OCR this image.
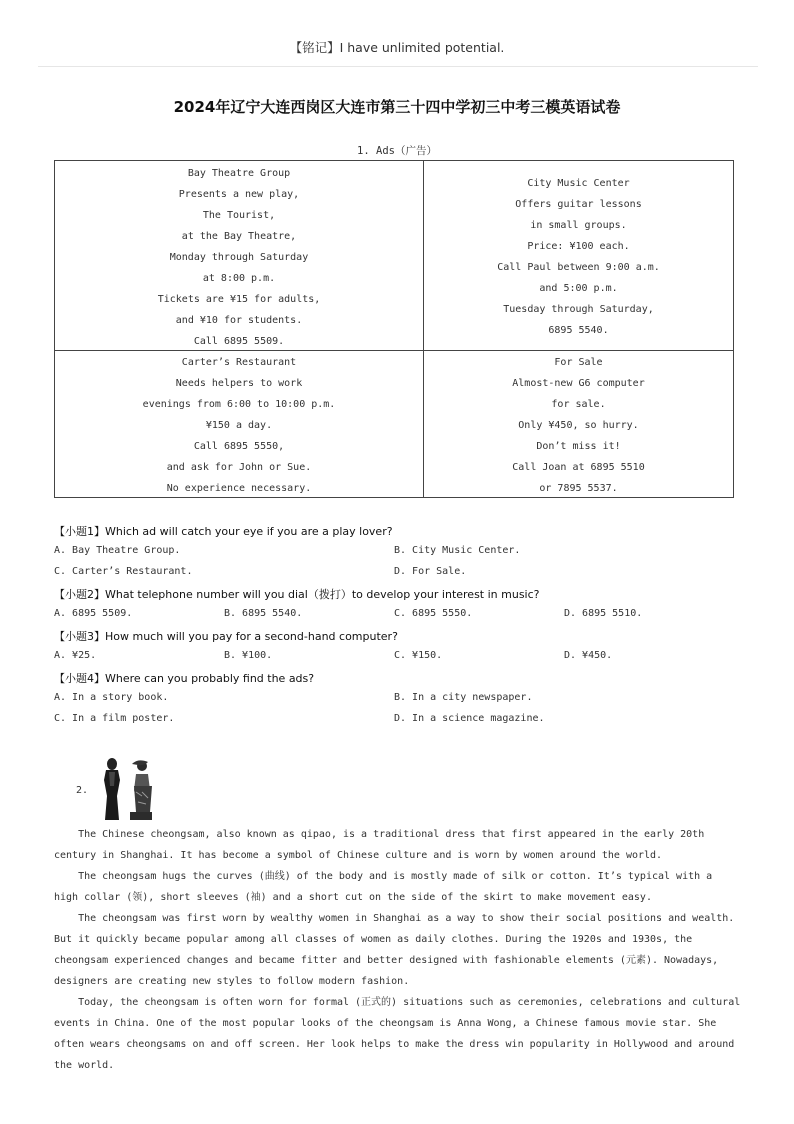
【铭记】I have unlimited potential.
2024年辽宁大连西岗区大连市第三十四中学初三中考三模英语试卷
1. Ads（广告）
Bay Theatre Group
Presents a new play,
The Tourist,
at the Bay Theatre,
Monday through Saturday
at 8:00 p.m.
Tickets are ¥15 for adults,
and ¥10 for students.
Call 6895 5509.
City Music Center
Offers guitar lessons
in small groups.
Price: ¥100 each.
Call Paul between 9:00 a.m.
and 5:00 p.m.
Tuesday through Saturday,
6895 5540.
Carter’s Restaurant
Needs helpers to work
evenings from 6:00 to 10:00 p.m.
¥150 a day.
Call 6895 5550,
and ask for John or Sue.
No experience necessary.
For Sale
Almost-new G6 computer
for sale.
Only ¥450, so hurry.
Don’t miss it!
Call Joan at 6895 5510
or 7895 5537.
【小题1】Which ad will catch your eye if you are a play lover?
A. Bay Theatre Group.	B. City Music Center.
C. Carter’s Restaurant.	D. For Sale.
【小题2】What telephone number will you dial（拨打）to develop your interest in music?
A. 6895 5509.	B. 6895 5540.	C. 6895 5550.	D. 6895 5510.
【小题3】How much will you pay for a second-hand computer?
A. ¥25.	B. ¥100.	C. ¥150.	D. ¥450.
【小题4】Where can you probably find the ads?
A. In a story book.	B. In a city newspaper.
C. In a film poster.	D. In a science magazine.
2.
The Chinese cheongsam, also known as qipao, is a traditional dress that first appeared in the early 20th
century in Shanghai. It has become a symbol of Chinese culture and is worn by women around the world.
The cheongsam hugs the curves (曲线) of the body and is mostly made of silk or cotton. It’s typical with a
high collar (领), short sleeves (袖) and a short cut on the side of the skirt to make movement easy.
The cheongsam was first worn by wealthy women in Shanghai as a way to show their social positions and wealth.
But it quickly became popular among all classes of women as daily clothes. During the 1920s and 1930s, the
cheongsam experienced changes and became fitter and better designed with fashionable elements (元素). Nowadays,
designers are creating new styles to follow modern fashion.
Today, the cheongsam is often worn for formal (正式的) situations such as ceremonies, celebrations and cultural
events in China. One of the most popular looks of the cheongsam is Anna Wong, a Chinese famous movie star. She
often wears cheongsams on and off screen. Her look helps to make the dress win popularity in Hollywood and around
the world.
